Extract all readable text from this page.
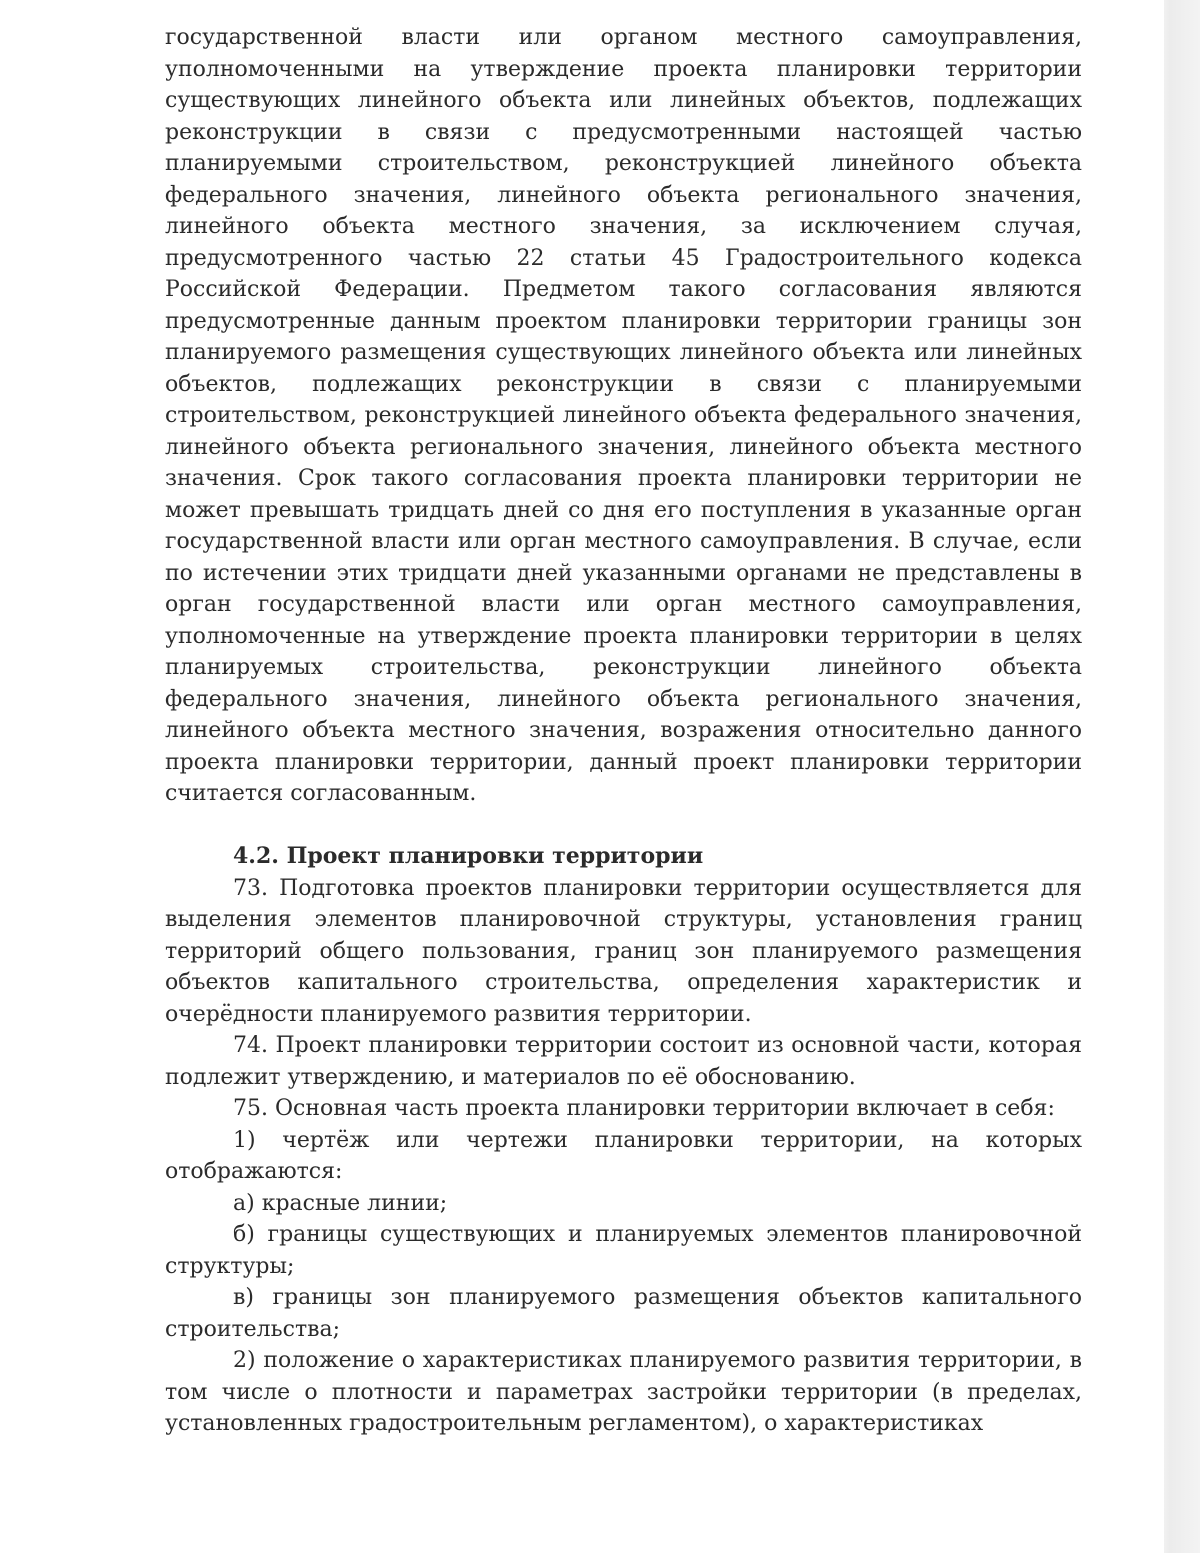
государственной власти или органом местного самоуправления, уполномоченными на утверждение проекта планировки территории существующих линейного объекта или линейных объектов, подлежащих реконструкции в связи с предусмотренными настоящей частью планируемыми строительством, реконструкцией линейного объекта федерального значения, линейного объекта регионального значения, линейного объекта местного значения, за исключением случая, предусмотренного частью 22 статьи 45 Градостроительного кодекса Российской Федерации. Предметом такого согласования являются предусмотренные данным проектом планировки территории границы зон планируемого размещения существующих линейного объекта или линейных объектов, подлежащих реконструкции в связи с планируемыми строительством, реконструкцией линейного объекта федерального значения, линейного объекта регионального значения, линейного объекта местного значения. Срок такого согласования проекта планировки территории не может превышать тридцать дней со дня его поступления в указанные орган государственной власти или орган местного самоуправления. В случае, если по истечении этих тридцати дней указанными органами не представлены в орган государственной власти или орган местного самоуправления, уполномоченные на утверждение проекта планировки территории в целях планируемых строительства, реконструкции линейного объекта федерального значения, линейного объекта регионального значения, линейного объекта местного значения, возражения относительно данного проекта планировки территории, данный проект планировки территории считается согласованным.

4.2. Проект планировки территории

73. Подготовка проектов планировки территории осуществляется для выделения элементов планировочной структуры, установления границ территорий общего пользования, границ зон планируемого размещения объектов капитального строительства, определения характеристик и очерёдности планируемого развития территории.

74. Проект планировки территории состоит из основной части, которая подлежит утверждению, и материалов по её обоснованию.

75. Основная часть проекта планировки территории включает в себя:

1) чертёж или чертежи планировки территории, на которых отображаются:

а) красные линии;

б) границы существующих и планируемых элементов планировочной структуры;

в) границы зон планируемого размещения объектов капитального строительства;

2) положение о характеристиках планируемого развития территории, в том числе о плотности и параметрах застройки территории (в пределах, установленных градостроительным регламентом), о характеристиках
